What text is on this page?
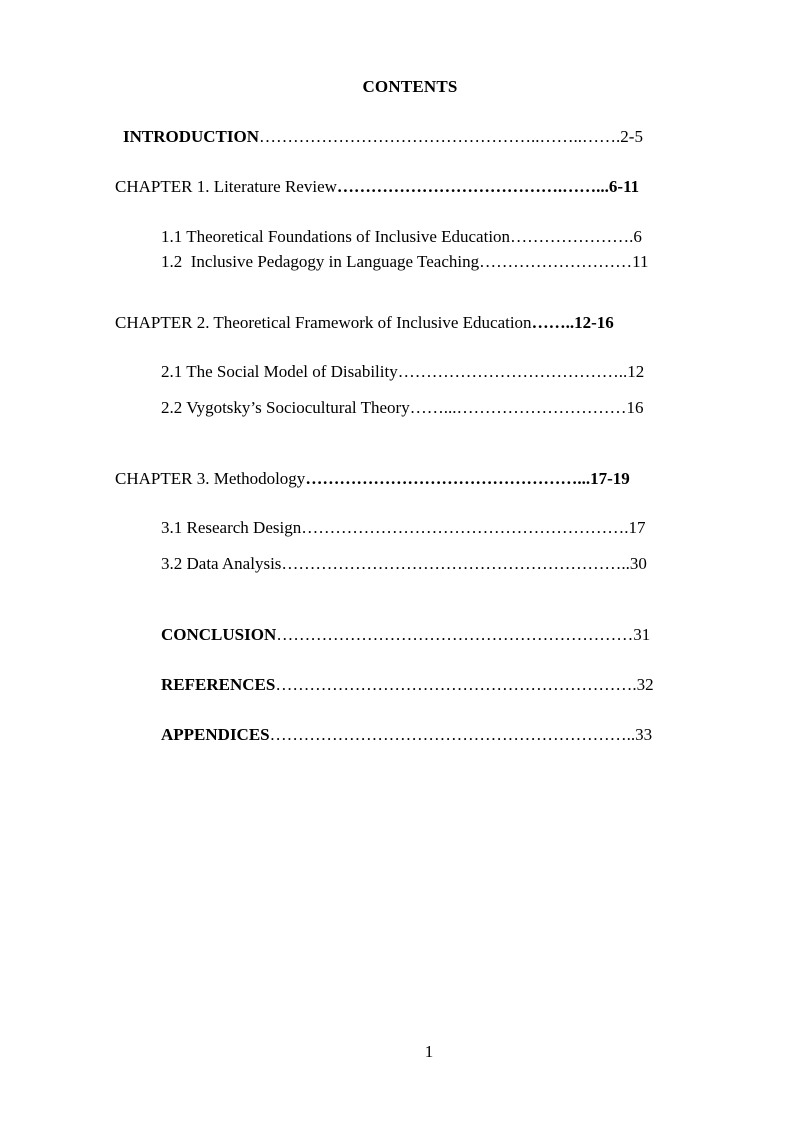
CONTENTS
INTRODUCTION…………………………………………..……..…….2-5
CHAPTER 1. Literature Review………………………………….……...6-11
1.1 Theoretical Foundations of Inclusive Education………………….6
1.2  Inclusive Pedagogy in Language Teaching………………………11
CHAPTER 2. Theoretical Framework of Inclusive Education……..12-16
2.1 The Social Model of Disability…………………………………..12
2.2 Vygotsky’s Sociocultural Theory……...…………………………16
CHAPTER 3. Methodology…………………………………………...17-19
3.1 Research Design………………………………………………….17
3.2 Data Analysis……………………………………………………..30
CONCLUSION………………………………………………………31
REFERENCES……………………………………………………….32
APPENDICES………………………………………………………..33
1
